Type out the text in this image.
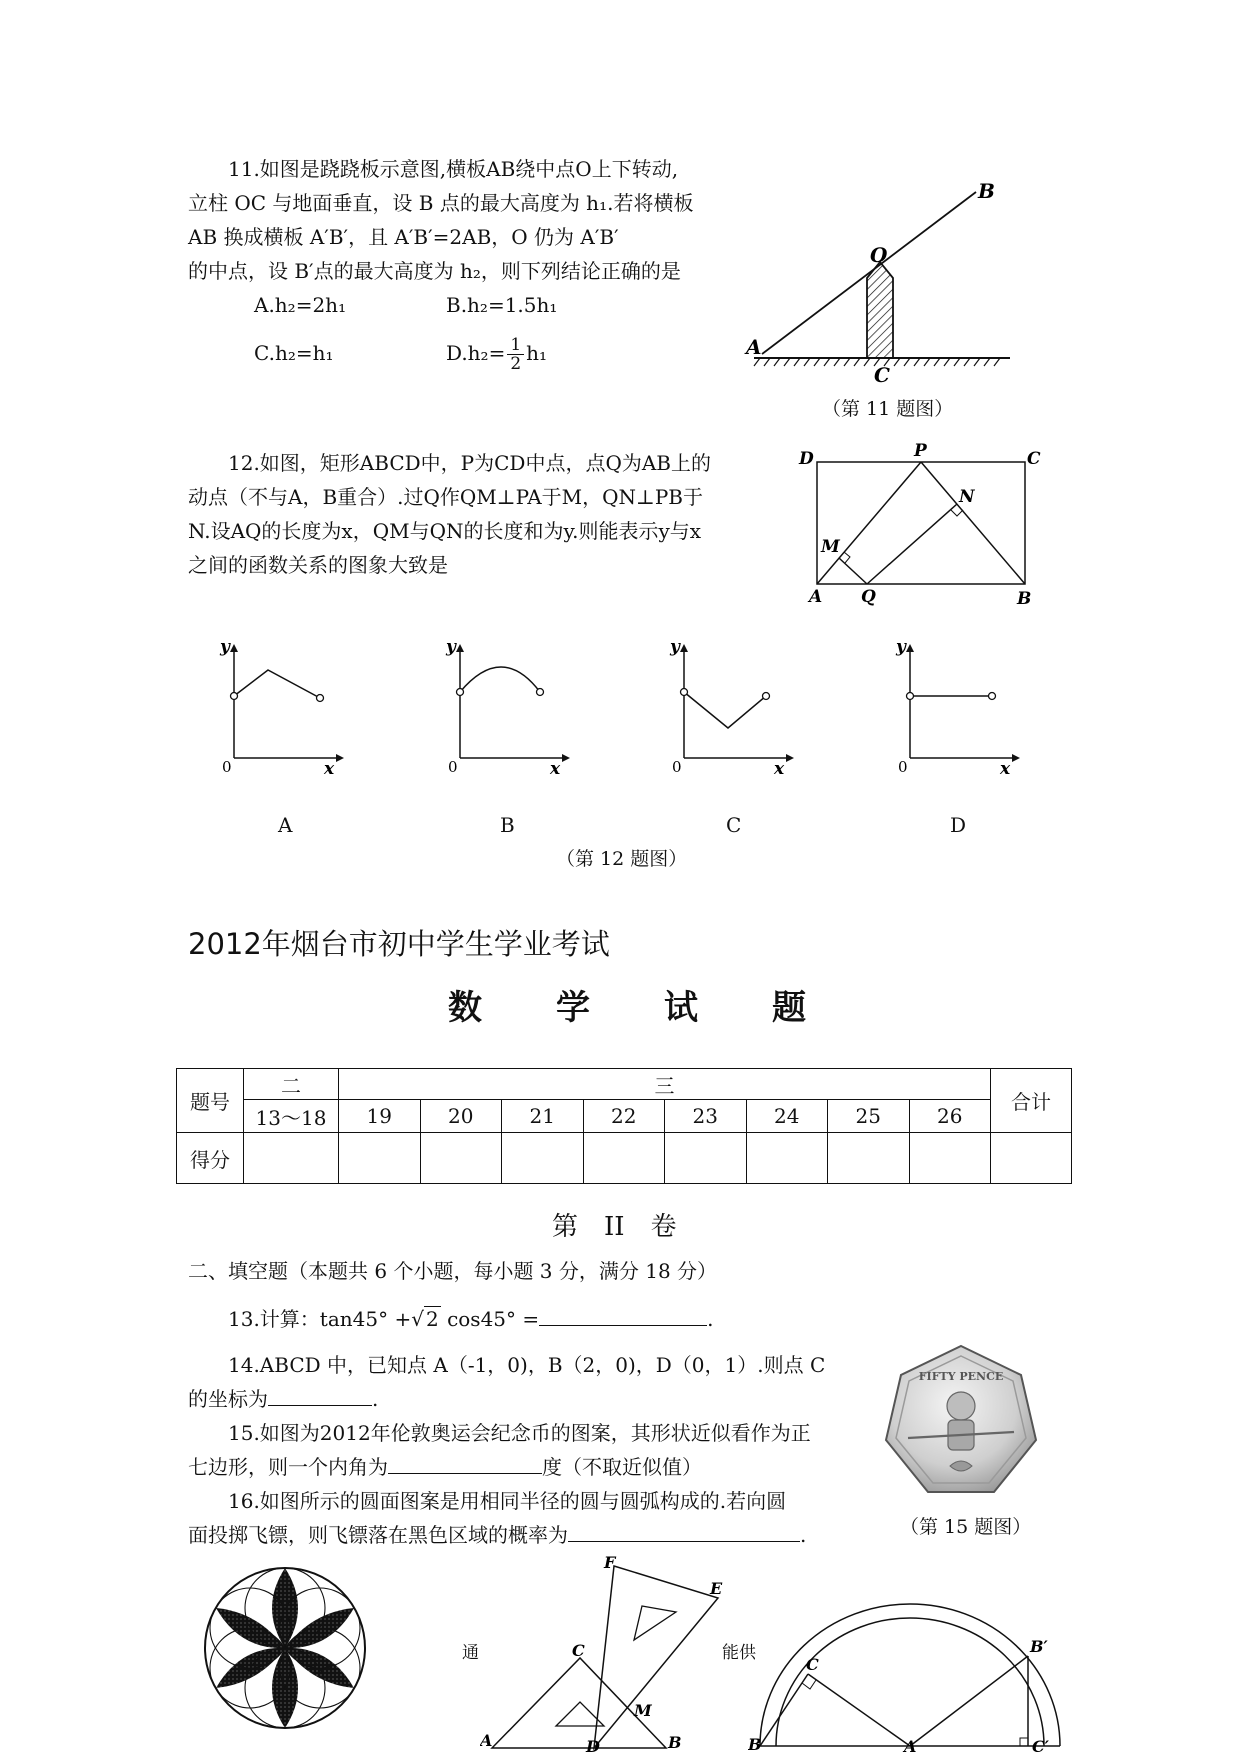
11.如图是跷跷板示意图,横板AB绕中点O上下转动,
立柱 OC 与地面垂直，设 B 点的最大高度为 h₁.若将横板
AB 换成横板 A′B′，且 A′B′=2AB，O 仍为 A′B′
的中点，设 B′点的最大高度为 h₂，则下列结论正确的是
A.h₂=2h₁	B.h₂=1.5h₁
C.h₂=h₁	$D.h_2= \frac{1}{2} h_1$	A
B
O
C
（第 11 题图）
12.如图，矩形ABCD中，P为CD中点，点Q为AB上的
动点（不与A，B重合）.过Q作QM⊥PA于M，QN⊥PB于
N.设AQ的长度为x，QM与QN的长度和为y.则能表示y与x
之间的函数关系的图象大致是
D	P	C
N
M
A Q	B
y
x
0
y
x
0
y
x
0
y
x
0
A	B	C	D
（第 12 题图）
2012年烟台市初中学生学业考试
数　　学　　试　　题
题号	二	三								合计
	13～18	19	20	21	22	23	24	25	26	
得分										
第　II　卷
二、填空题（本题共 6 个小题，每小题 3 分，满分 18 分）
13.计算：tan45° +√ 2 cos45° =	.
14.ABCD 中，已知点 A（-1，0)，B（2，0)，D（0，1）.则点 C
的坐标为	.
15.如图为2012年伦敦奥运会纪念币的图案，其形状近似看作为正
七边形，则一个内角为	度（不取近似值）
16.如图所示的圆面图案是用相同半径的圆与圆弧构成的.若向圆
面投掷飞镖，则飞镖落在黑色区域的概率为	.
FIFTY PENCE
（第 15 题图）
通	能供
F
E
C
M
A	D	B
C
B′
B	A	C′
